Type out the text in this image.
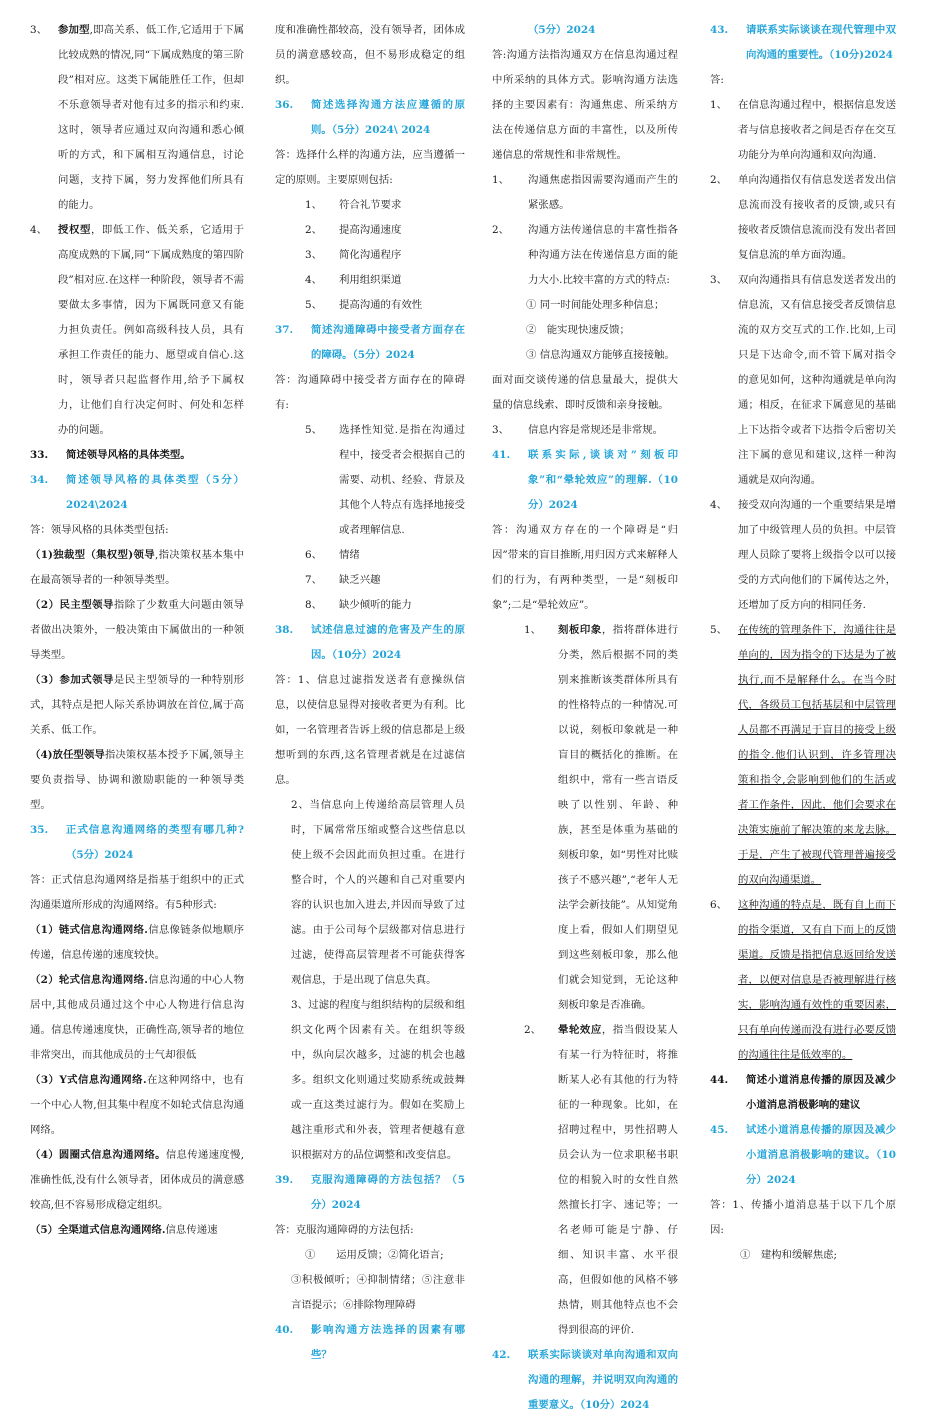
3、	参加型,即高关系、低工作,它适用于下属比较成熟的情况,同“下属成熟度的第三阶段”相对应。这类下属能胜任工作，但却不乐意领导者对他有过多的指示和约束.这时，领导者应通过双向沟通和悉心倾听的方式，和下属相互沟通信息，讨论问题，支持下属，努力发挥他们所具有的能力。
4、	授权型，即低工作、低关系，它适用于高度成熟的下属,同“下属成熟度的第四阶段”相对应.在这样一种阶段，领导者不需要做太多事情，因为下属既同意又有能力担负责任。例如高级科技人员，具有承担工作责任的能力、愿望或自信心.这时，领导者只起监督作用,给予下属权力，让他们自行决定何时、何处和怎样办的问题。
33.	简述领导风格的具体类型。
34.	简述领导风格的具体类型（5分）2024\2024

答：领导风格的具体类型包括:

（1)独裁型（集权型)领导,指决策权基本集中在最高领导者的一种领导类型。

（2）民主型领导指除了少数重大问题由领导者做出决策外，一般决策由下属做出的一种领导类型。

（3）参加式领导是民主型领导的一种特别形式，其特点是把人际关系协调放在首位,属于高关系、低工作。

（4)放任型领导指决策权基本授予下属,领导主要负责指导、协调和激励职能的一种领导类型。

35.	正式信息沟通网络的类型有哪几种?（5分）2024

答：正式信息沟通网络是指基于组织中的正式沟通渠道所形成的沟通网络。有5种形式:

（1）链式信息沟通网络.信息像链条似地顺序传递，信息传递的速度较快。

（2）轮式信息沟通网络.信息沟通的中心人物居中,其他成员通过这个中心人物进行信息沟通。信息传递速度快，正确性高,领导者的地位非常突出，而其他成员的士气却很低

（3）Y式信息沟通网络.在这种网络中，也有一个中心人物,但其集中程度不如轮式信息沟通网络。

（4）圆圈式信息沟通网络。信息传递速度慢,准确性低,没有什么领导者，团体成员的满意感较高,但不容易形成稳定组织。

（5）全渠道式信息沟通网络.信息传递速

度和准确性都较高，没有领导者，团体成员的满意感较高，但不易形成稳定的组织。

36.	简述选择沟通方法应遵循的原则。（5分）2024\ 2024

答：选择什么样的沟通方法，应当遵循一定的原则。主要原则包括:

1、	符合礼节要求
2、	提高沟通速度
3、	简化沟通程序
4、	利用组织渠道
5、	提高沟通的有效性
37.	简述沟通障碍中接受者方面存在的障碍。（5分）2024

答：沟通障碍中接受者方面存在的障碍有:

5、	选择性知觉.是指在沟通过程中，接受者会根据自己的需要、动机、经验、背景及其他个人特点有选择地接受或者理解信息.
6、	情绪
7、	缺乏兴趣
8、	缺少倾听的能力
38.	试述信息过滤的危害及产生的原因。（10分）2024

答：1、信息过滤指发送者有意操纵信息，以使信息显得对接收者更为有利。比如，一名管理者告诉上级的信息都是上级想听到的东西,这名管理者就是在过滤信息。

2、当信息向上传递给高层管理人员时，下属常常压缩或整合这些信息以使上级不会因此而负担过重。在进行整合时，个人的兴趣和自己对重要内容的认识也加入进去,并因而导致了过滤。由于公司每个层级都对信息进行过滤，使得高层管理者不可能获得客观信息，于是出现了信息失真。

3、过滤的程度与组织结构的层级和组织文化两个因素有关。在组织等级中，纵向层次越多，过滤的机会也越多。组织文化则通过奖励系统或鼓舞或一直这类过滤行为。假如在奖励上越注重形式和外表，管理者便越有意识根据对方的品位调整和改变信息。

39.	克服沟通障碍的方法包括？（5分）2024

答：克服沟通障碍的方法包括:

①　　运用反馈；②简化语言;

③积极倾听；④抑制情绪；⑤注意非言语提示；⑥排除物理障碍

40.	影响沟通方法选择的因素有哪些？

（5分）2024

答:沟通方法指沟通双方在信息沟通过程中所采纳的具体方式。影响沟通方法选择的主要因素有：沟通焦虑、所采纳方法在传递信息方面的丰富性，以及所传递信息的常规性和非常规性。

1、	沟通焦虑指因需要沟通而产生的紧张感。
2、	沟通方法传递信息的丰富性指各种沟通方法在传递信息方面的能力大小.比较丰富的方式的特点:

① 同一时间能处理多种信息；

②　能实现快速反馈；

③ 信息沟通双方能够直接接触。

面对面交谈传递的信息量最大，提供大量的信息线索、即时反馈和亲身接触。

3、	信息内容是常规还是非常规。
41.	联系实际,谈谈对”刻板印象”和“晕轮效应”的理解.（10分）2024

答：沟通双方存在的一个障碍是“归因”带来的盲目推断,用归因方式来解释人们的行为，有两种类型，一是“刻板印象”;二是“晕轮效应”。

1、	刻板印象，指将群体进行分类，然后根据不同的类别来推断该类群体所具有的性格特点的一种情况.可以说，刻板印象就是一种盲目的概括化的推断。在组织中，常有一些言语反映了以性别、年龄、种族，甚至是体重为基础的刻板印象，如“男性对比赎孩子不感兴趣”,“老年人无法学会新技能”。从知觉角度上看，假如人们期望见到这些刻板印象，那么他们就会知觉到，无论这种刻板印象是否准确。
2、	晕轮效应，指当假设某人有某一行为特征时，将推断某人必有其他的行为特征的一种现象。比如，在招聘过程中，男性招聘人员会认为一位求职秘书职位的相貌入时的女性自然然擅长打字、速记等；一名老师可能是宁静、仔细、知识丰富、水平很高，但假如他的风格不够热情，则其他特点也不会得到很高的评价.
42.	联系实际谈谈对单向沟通和双向沟通的理解，并说明双向沟通的重要意义。（10分）2024
43.	请联系实际谈谈在现代管理中双向沟通的重要性。（10分)2024

答:

1、	在信息沟通过程中，根据信息发送者与信息接收者之间是否存在交互功能分为单向沟通和双向沟通.
2、	单向沟通指仅有信息发送者发出信息流而没有接收者的反馈,或只有接收者反馈信息流而没有发出者回复信息流的单方面沟通。
3、	双向沟通指具有信息发送者发出的信息流，又有信息接受者反馈信息流的双方交互式的工作.比如,上司只是下达命令,而不管下属对指令的意见如何，这种沟通就是单向沟通；相反，在征求下属意见的基础上下达指令或者下达指令后密切关注下属的意见和建议,这样一种沟通就是双向沟通。
4、	接受双向沟通的一个重要结果是增加了中级管理人员的负担。中层管理人员除了要将上级指令以可以接受的方式向他们的下属传达之外，还增加了反方向的相同任务.
5、	在传统的管理条件下，沟通往往是单向的，因为指令的下达是为了被执行,而不是解释什么。在当今时代，各级员工包括基层和中层管理人员都不再满足于盲目的接受上级的指令.他们认识到，许多管理决策和指令,会影响到他们的生活或者工作条件，因此，他们会要求在决策实施前了解决策的来龙去脉。于是，产生了被现代管理普遍接受的双向沟通渠道。
6、	这种沟通的特点是，既有自上而下的指令渠道，又有自下而上的反馈渠道。反馈是指把信息返回给发送者，以便对信息是否被理解进行核实，影响沟通有效性的重要因素，只有单向传递而没有进行必要反馈的沟通往往是低效率的。
44.	简述小道消息传播的原因及减少小道消息消极影响的建议
45.	试述小道消息传播的原因及减少小道消息消极影响的建议。（10分）2024

答：1、传播小道消息基于以下几个原因:

①　建构和缓解焦虑;
